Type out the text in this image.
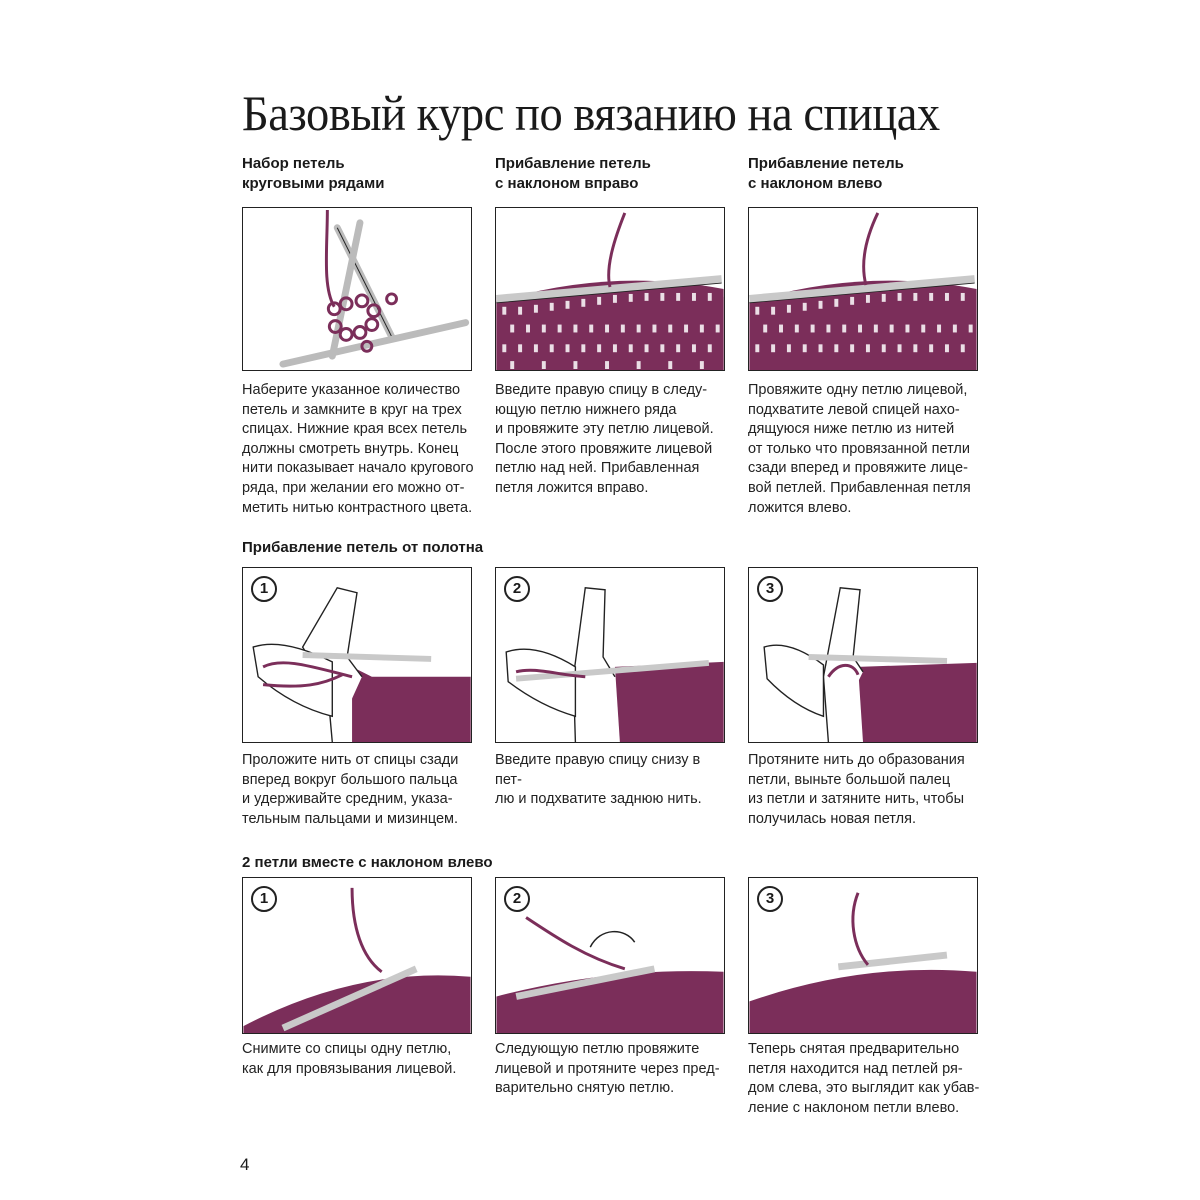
Базовый курс по вязанию на спицах
Набор петель
круговыми рядами
Прибавление петель
с наклоном вправо
Прибавление петель
с наклоном влево
Наберите указанное количество
петель и замкните в круг на трех
спицах. Нижние края всех петель
должны смотреть внутрь. Конец
нити показывает начало кругового
ряда, при желании его можно от-
метить нитью контрастного цвета.
Введите правую спицу в следу-
ющую петлю нижнего ряда
и провяжите эту петлю лицевой.
После этого провяжите лицевой
петлю над ней. Прибавленная
петля ложится вправо.
Провяжите одну петлю лицевой,
подхватите левой спицей нахо-
дящуюся ниже петлю из нитей
от только что провязанной петли
сзади вперед и провяжите лице-
вой петлей. Прибавленная петля
ложится влево.
Прибавление петель от полотна
1	2	3
Проложите нить от спицы сзади
вперед вокруг большого пальца
и удерживайте средним, указа-
тельным пальцами и мизинцем.
Введите правую спицу снизу в пет-
лю и подхватите заднюю нить.
Протяните нить до образования
петли, выньте большой палец
из петли и затяните нить, чтобы
получилась новая петля.
2 петли вместе с наклоном влево
1	2	3
Снимите со спицы одну петлю,
как для провязывания лицевой.
Следующую петлю провяжите
лицевой и протяните через пред-
варительно снятую петлю.
Теперь снятая предварительно
петля находится над петлей ря-
дом слева, это выглядит как убав-
ление с наклоном петли влево.
4
